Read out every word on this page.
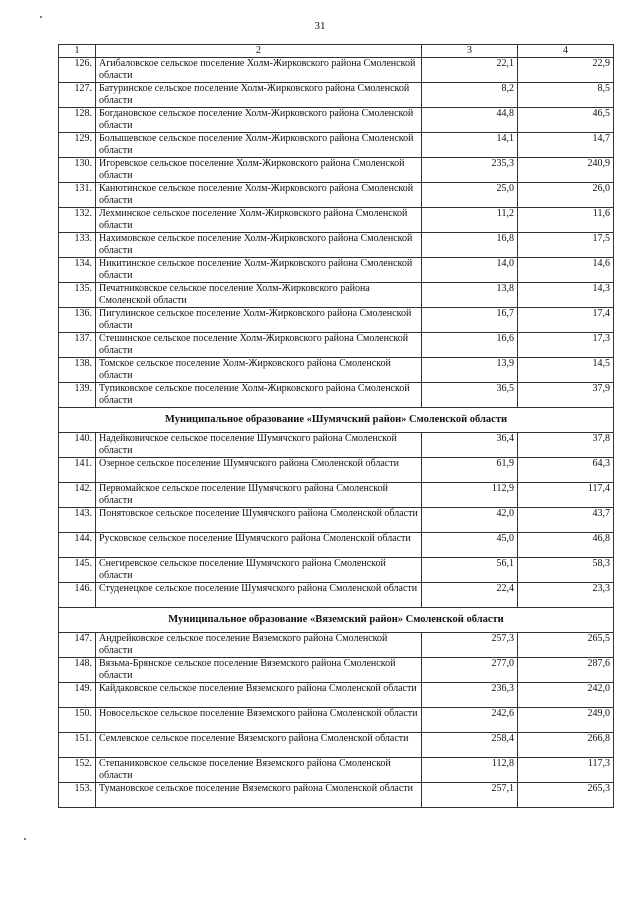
31
1	2	3	4
126.	Агибаловское сельское поселение Холм-Жирковского района Смоленской области	22,1	22,9
127.	Батуринское сельское поселение Холм-Жирковского района Смоленской области	8,2	8,5
128.	Богдановское сельское поселение Холм-Жирковского района Смоленской области	44,8	46,5
129.	Болышевское сельское поселение Холм-Жирковского района Смоленской области	14,1	14,7
130.	Игоревское сельское поселение Холм-Жирковского района Смоленской области	235,3	240,9
131.	Канютинское сельское поселение Холм-Жирковского района Смоленской области	25,0	26,0
132.	Лехминское сельское поселение Холм-Жирковского района Смоленской области	11,2	11,6
133.	Нахимовское сельское поселение Холм-Жирковского района Смоленской области	16,8	17,5
134.	Никитинское сельское поселение Холм-Жирковского района Смоленской области	14,0	14,6
135.	Печатниковское сельское поселение Холм-Жирковского района Смоленской области	13,8	14,3
136.	Пигулинское сельское поселение Холм-Жирковского района Смоленской области	16,7	17,4
137.	Стешинское сельское поселение Холм-Жирковского района Смоленской области	16,6	17,3
138.	Томское сельское поселение Холм-Жирковского района Смоленской области	13,9	14,5
139.	Тупиковское сельское поселение Холм-Жирковского района Смоленской области	36,5	37,9
Муниципальное образование «Шумячский район» Смоленской области			
140.	Надейковичское сельское поселение Шумячского района Смоленской области	36,4	37,8
141.	Озерное сельское поселение Шумячского района Смоленской области	61,9	64,3
142.	Первомайское сельское поселение Шумячского района Смоленской области	112,9	117,4
143.	Понятовское сельское поселение Шумячского района Смоленской области	42,0	43,7
144.	Русковское сельское поселение Шумячского района Смоленской области	45,0	46,8
145.	Снегиревское сельское поселение Шумячского района Смоленской области	56,1	58,3
146.	Студенецкое сельское поселение Шумячского района Смоленской области	22,4	23,3
Муниципальное образование «Вяземский район» Смоленской области			
147.	Андрейковское сельское поселение Вяземского района Смоленской области	257,3	265,5
148.	Вязьма-Брянское сельское поселение Вяземского района Смоленской области	277,0	287,6
149.	Кайдаковское сельское поселение Вяземского района Смоленской области	236,3	242,0
150.	Новосельское сельское поселение Вяземского района Смоленской области	242,6	249,0
151.	Семлевское сельское поселение Вяземского района Смоленской области	258,4	266,8
152.	Степаниковское сельское поселение Вяземского района Смоленской области	112,8	117,3
153.	Тумановское сельское поселение Вяземского района Смоленской области	257,1	265,3
